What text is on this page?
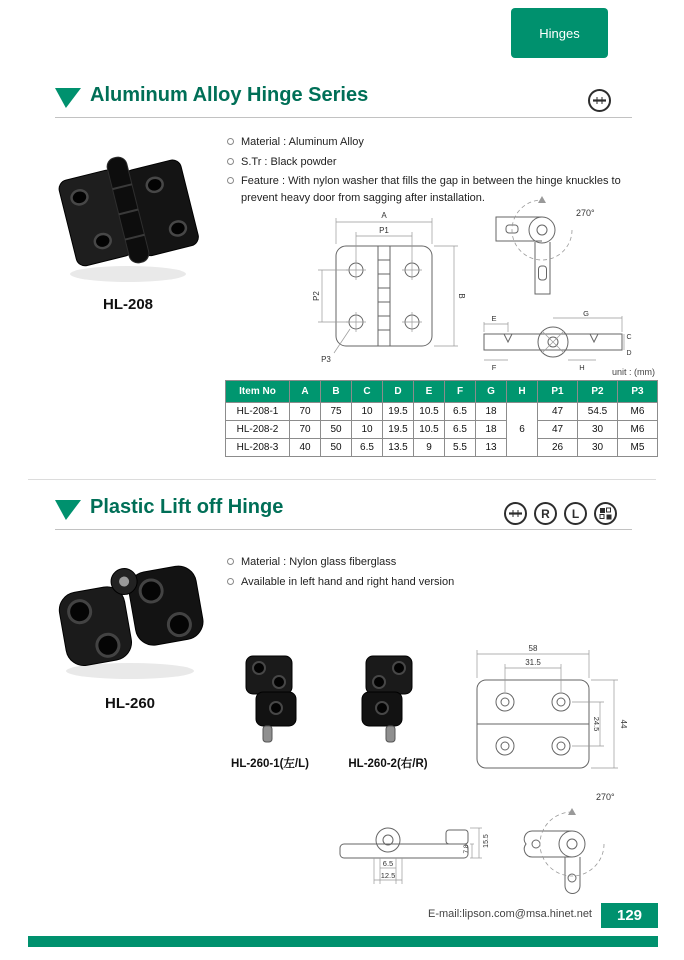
Hinges
Aluminum Alloy Hinge Series
HL-208
Material : Aluminum Alloy
S.Tr : Black powder
Feature : With nylon washer that fills the gap in between the hinge knuckles to prevent heavy door from sagging after installation.
A
P1
B
P2
P3
270°
E
G
F	H
C
D
unit : (mm)
Item No	A	B	C	D	E	F	G	H	P1	P2	P3
HL-208-1	70	75	10	19.5	10.5	6.5	18	6	47	54.5	M6
HL-208-2	70	50	10	19.5	10.5	6.5	18		47	30	M6
HL-208-3	40	50	6.5	13.5	9	5.5	13		26	30	M5
Plastic Lift off Hinge	R L
HL-260
Material : Nylon glass fiberglass
Available in left hand and right hand version
HL-260-1(左/L)	HL-260-2(右/R)
58
31.5
44
24.5
15.5
7.8
6.5
12.5
270°
E-mail:lipson.com@msa.hinet.net 129
